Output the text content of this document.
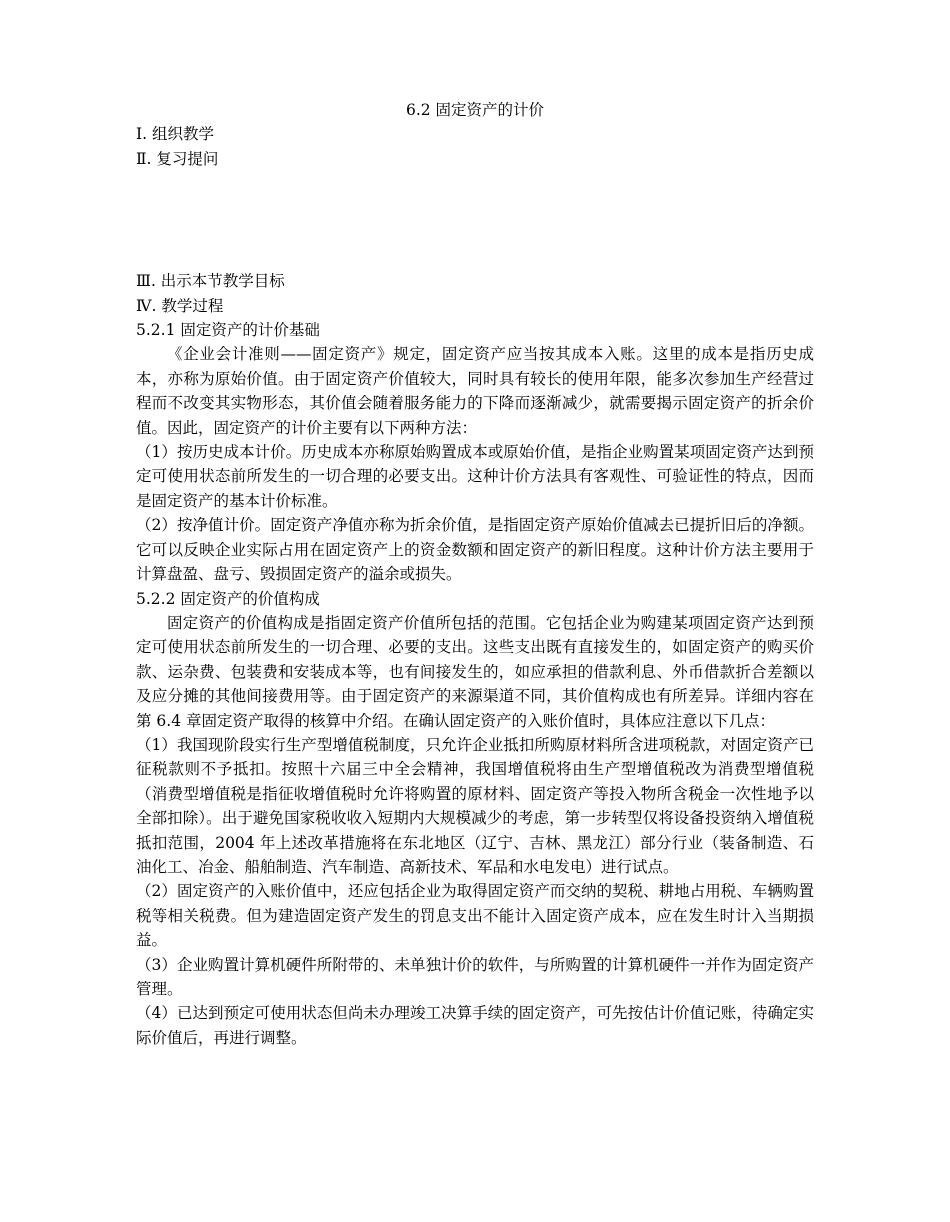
6.2 固定资产的计价

Ⅰ. 组织教学

Ⅱ. 复习提问

Ⅲ. 出示本节教学目标

Ⅳ. 教学过程

5.2.1 固定资产的计价基础

《企业会计准则——固定资产》规定，固定资产应当按其成本入账。这里的成本是指历史成本，亦称为原始价值。由于固定资产价值较大，同时具有较长的使用年限，能多次参加生产经营过程而不改变其实物形态，其价值会随着服务能力的下降而逐渐减少，就需要揭示固定资产的折余价值。因此，固定资产的计价主要有以下两种方法：

（1）按历史成本计价。历史成本亦称原始购置成本或原始价值，是指企业购置某项固定资产达到预定可使用状态前所发生的一切合理的必要支出。这种计价方法具有客观性、可验证性的特点，因而是固定资产的基本计价标准。

（2）按净值计价。固定资产净值亦称为折余价值，是指固定资产原始价值减去已提折旧后的净额。它可以反映企业实际占用在固定资产上的资金数额和固定资产的新旧程度。这种计价方法主要用于计算盘盈、盘亏、毁损固定资产的溢余或损失。

5.2.2 固定资产的价值构成

固定资产的价值构成是指固定资产价值所包括的范围。它包括企业为购建某项固定资产达到预定可使用状态前所发生的一切合理、必要的支出。这些支出既有直接发生的，如固定资产的购买价款、运杂费、包装费和安装成本等，也有间接发生的，如应承担的借款利息、外币借款折合差额以及应分摊的其他间接费用等。由于固定资产的来源渠道不同，其价值构成也有所差异。详细内容在第 6.4 章固定资产取得的核算中介绍。在确认固定资产的入账价值时，具体应注意以下几点：

（1）我国现阶段实行生产型增值税制度，只允许企业抵扣所购原材料所含进项税款，对固定资产已征税款则不予抵扣。按照十六届三中全会精神，我国增值税将由生产型增值税改为消费型增值税（消费型增值税是指征收增值税时允许将购置的原材料、固定资产等投入物所含税金一次性地予以全部扣除）。出于避免国家税收收入短期内大规模减少的考虑，第一步转型仅将设备投资纳入增值税抵扣范围，2004 年上述改革措施将在东北地区（辽宁、吉林、黑龙江）部分行业（装备制造、石油化工、冶金、船舶制造、汽车制造、高新技术、军品和水电发电）进行试点。

（2）固定资产的入账价值中，还应包括企业为取得固定资产而交纳的契税、耕地占用税、车辆购置税等相关税费。但为建造固定资产发生的罚息支出不能计入固定资产成本，应在发生时计入当期损益。

（3）企业购置计算机硬件所附带的、未单独计价的软件，与所购置的计算机硬件一并作为固定资产管理。

（4）已达到预定可使用状态但尚未办理竣工决算手续的固定资产，可先按估计价值记账，待确定实际价值后，再进行调整。
